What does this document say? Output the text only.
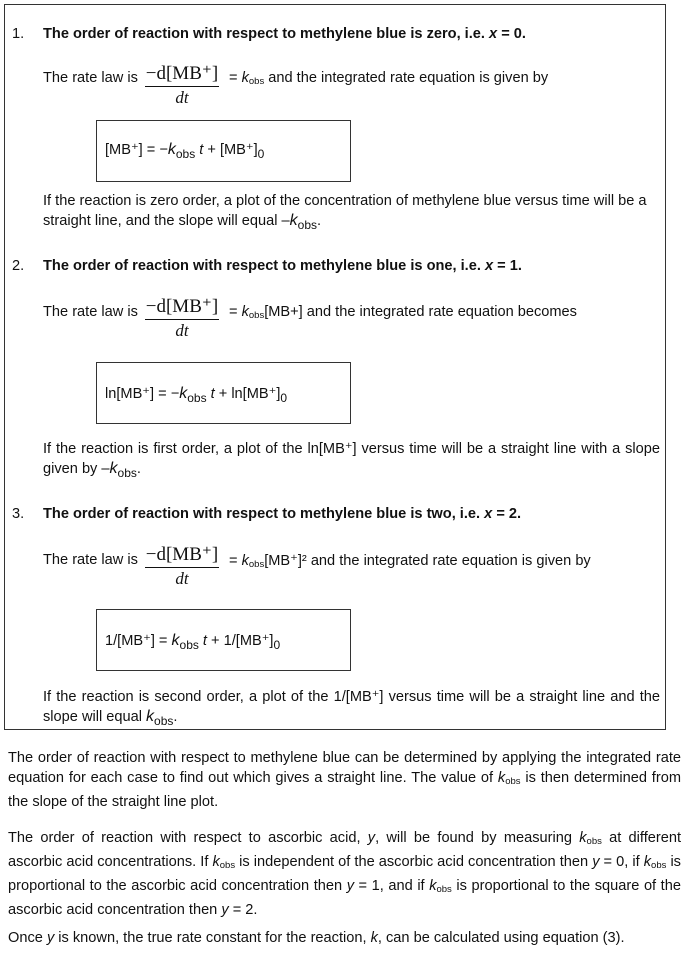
1. The order of reaction with respect to methylene blue is zero, i.e. x = 0.
The rate law is −d[MB⁺]
dt
= $k_{obs}$ and the integrated rate equation is given by
$[MB^+] = -k_{obs}$ $t + [MB^+]_0$
If the reaction is zero order, a plot of the concentration of methylene blue versus time will be a straight line, and the slope will equal $-k_{obs}$.
2. The order of reaction with respect to methylene blue is one, i.e. x = 1.
The rate law is −d[MB⁺]
dt
= $k_{obs}[MB+]$ and the integrated rate equation becomes
$\ln[MB^+] = -k_{obs}$ $t + \ln[MB^+]_0$
If the reaction is first order, a plot of the ln[MB⁺] versus time will be a straight line with a slope given by $-k_{obs}$.
3. The order of reaction with respect to methylene blue is two, i.e. x = 2.
The rate law is −d[MB⁺]
dt
= $k_{obs}[MB^+]^2$ and the integrated rate equation is given by
$1/[MB^+] = k_{obs}$ $t + 1/[MB^+]_0$
If the reaction is second order, a plot of the 1/[MB⁺] versus time will be a straight line and the slope will equal $k_{obs}$.
The order of reaction with respect to methylene blue can be determined by applying the integrated rate equation for each case to find out which gives a straight line. The value of $k_{obs}$ is then determined from the slope of the straight line plot.
The order of reaction with respect to ascorbic acid, y, will be found by measuring $k_{obs}$ at different ascorbic acid concentrations. If $k_{obs}$ is independent of the ascorbic acid concentration then y = 0, if $k_{obs}$ is proportional to the ascorbic acid concentration then y = 1, and if $k_{obs}$ is proportional to the square of the ascorbic acid concentration then y = 2.
Once y is known, the true rate constant for the reaction, k, can be calculated using equation (3).
